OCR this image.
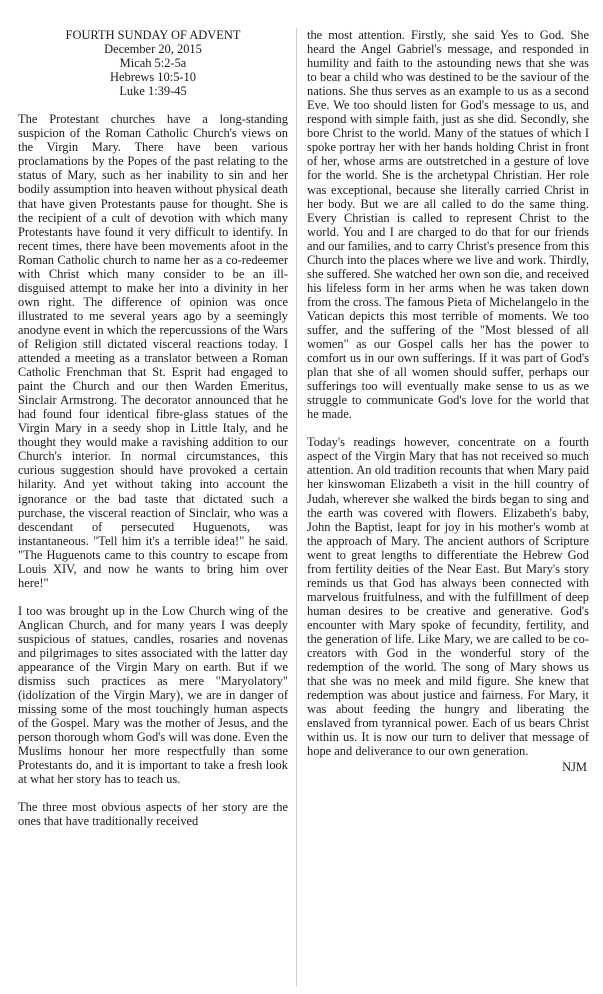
FOURTH SUNDAY OF ADVENT
December 20, 2015
Micah 5:2-5a
Hebrews 10:5-10
Luke 1:39-45

The Protestant churches have a long-standing suspicion of the Roman Catholic Church's views on the Virgin Mary. There have been various proclamations by the Popes of the past relating to the status of Mary, such as her inability to sin and her bodily assumption into heaven without physical death that have given Protestants pause for thought. She is the recipient of a cult of devotion with which many Protestants have found it very difficult to identify. In recent times, there have been movements afoot in the Roman Catholic church to name her as a co-redeemer with Christ which many consider to be an ill-disguised attempt to make her into a divinity in her own right. The difference of opinion was once illustrated to me several years ago by a seemingly anodyne event in which the repercussions of the Wars of Religion still dictated visceral reactions today. I attended a meeting as a translator between a Roman Catholic Frenchman that St. Esprit had engaged to paint the Church and our then Warden Emeritus, Sinclair Armstrong. The decorator announced that he had found four identical fibre-glass statues of the Virgin Mary in a seedy shop in Little Italy, and he thought they would make a ravishing addition to our Church's interior. In normal circumstances, this curious suggestion should have provoked a certain hilarity. And yet without taking into account the ignorance or the bad taste that dictated such a purchase, the visceral reaction of Sinclair, who was a descendant of persecuted Huguenots, was instantaneous. "Tell him it's a terrible idea!" he said. "The Huguenots came to this country to escape from Louis XIV, and now he wants to bring him over here!"

I too was brought up in the Low Church wing of the Anglican Church, and for many years I was deeply suspicious of statues, candles, rosaries and novenas and pilgrimages to sites associated with the latter day appearance of the Virgin Mary on earth. But if we dismiss such practices as mere "Maryolatory" (idolization of the Virgin Mary), we are in danger of missing some of the most touchingly human aspects of the Gospel. Mary was the mother of Jesus, and the person thorough whom God's will was done. Even the Muslims honour her more respectfully than some Protestants do, and it is important to take a fresh look at what her story has to teach us.

The three most obvious aspects of her story are the ones that have traditionally received

the most attention. Firstly, she said Yes to God. She heard the Angel Gabriel's message, and responded in humility and faith to the astounding news that she was to bear a child who was destined to be the saviour of the nations. She thus serves as an example to us as a second Eve. We too should listen for God's message to us, and respond with simple faith, just as she did. Secondly, she bore Christ to the world. Many of the statues of which I spoke portray her with her hands holding Christ in front of her, whose arms are outstretched in a gesture of love for the world. She is the archetypal Christian. Her role was exceptional, because she literally carried Christ in her body. But we are all called to do the same thing. Every Christian is called to represent Christ to the world. You and I are charged to do that for our friends and our families, and to carry Christ's presence from this Church into the places where we live and work. Thirdly, she suffered. She watched her own son die, and received his lifeless form in her arms when he was taken down from the cross. The famous Pieta of Michelangelo in the Vatican depicts this most terrible of moments. We too suffer, and the suffering of the "Most blessed of all women" as our Gospel calls her has the power to comfort us in our own sufferings. If it was part of God's plan that she of all women should suffer, perhaps our sufferings too will eventually make sense to us as we struggle to communicate God's love for the world that he made.

Today's readings however, concentrate on a fourth aspect of the Virgin Mary that has not received so much attention. An old tradition recounts that when Mary paid her kinswoman Elizabeth a visit in the hill country of Judah, wherever she walked the birds began to sing and the earth was covered with flowers. Elizabeth's baby, John the Baptist, leapt for joy in his mother's womb at the approach of Mary. The ancient authors of Scripture went to great lengths to differentiate the Hebrew God from fertility deities of the Near East. But Mary's story reminds us that God has always been connected with marvelous fruitfulness, and with the fulfillment of deep human desires to be creative and generative. God's encounter with Mary spoke of fecundity, fertility, and the generation of life. Like Mary, we are called to be co-creators with God in the wonderful story of the redemption of the world. The song of Mary shows us that she was no meek and mild figure. She knew that redemption was about justice and fairness. For Mary, it was about feeding the hungry and liberating the enslaved from tyrannical power. Each of us bears Christ within us. It is now our turn to deliver that message of hope and deliverance to our own generation.

NJM
